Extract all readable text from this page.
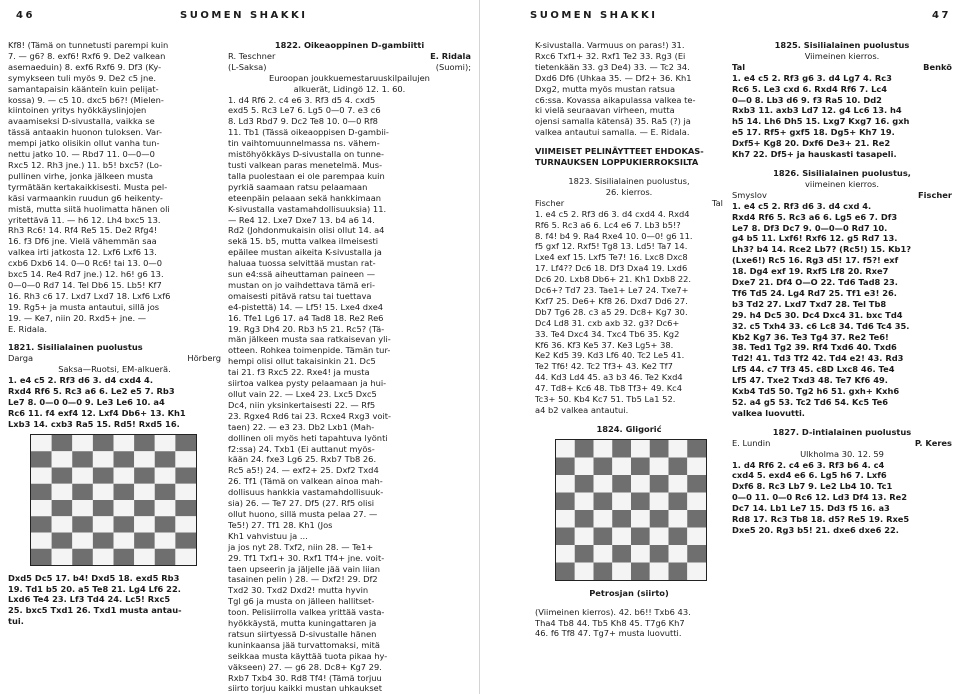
46	SUOMEN SHAKKI

Kf8! (Tämä on tunnetusti parempi kuin

7. — g6? 8. exf6! Rxf6 9. De2 valkean

asemaeduin) 8. exf6 Rxf6 9. Df3 (Ky-

symykseen tuli myös 9. De2 c5 jne.

samantapaisin käänteïn kuin peliįat-

kossa) 9. — c5 10. dxc5 b6?! (Mielen-

kiintoinen yritys hyökkäyslinjojen

avaamiseksi D-sivustalla, vaikka se

tässä antaakin huonon tuloksen. Var-

mempi jatko olisikin ollut vanha tun-

nettu jatko 10. — Rbd7 11. 0—0—0

Rxc5 12. Rh3 jne.) 11. b5! bxc5? (Lo-

pullinen virhe, jonka jälkeen musta

tyrmätään kertakaikkisesti. Musta pel-

käsi varmaankin ruudun g6 heikenty-

mistä, mutta siitä huolimatta hänen oli

yritettävä 11. — h6 12. Lh4 bxc5 13.

Rh3 Rc6! 14. Rf4 Re5 15. De2 Rfg4!

16. f3 Df6 jne. Vielä vähemmän saa

valkea irti jatkosta 12. Lxf6 Lxf6 13.

cxb6 Dxb6 14. 0—0 Rc6! tai 13. 0—0

bxc5 14. Re4 Rd7 jne.) 12. h6! g6 13.

0—0—0 Rd7 14. Tel Db6 15. Lb5! Kf7

16. Rh3 c6 17. Lxd7 Lxd7 18. Lxf6 Lxf6

19. Rg5+ ja musta antautui, sillä jos

19. — Ke7, niin 20. Rxd5+ jne. —

E. Ridala.

1821. Sisilialainen puolustus
Darga	Hörberg
Saksa—Ruotsi, EM-alkuerä.

1. e4 c5 2. Rf3 d6 3. d4 cxd4 4.

Rxd4 Rf6 5. Rc3 a6 6. Le2 e5 7. Rb3

Le7 8. 0—0 0—0 9. Le3 Le6 10. a4

Rc6 11. f4 exf4 12. Lxf4 Db6+ 13. Kh1

Lxb3 14. cxb3 Ra5 15. Rd5! Rxd5 16.

Dxd5 Dc5 17. b4! Dxd5 18. exd5 Rb3

19. Td1 b5 20. a5 Te8 21. Lg4 Lf6 22.

Lxd6 Te4 23. Lf3 Td4 24. Lc5! Rxc5

25. bxc5 Txd1 26. Txd1 musta antau-

tui.

1822. Oikeaoppinen D-gambiitti
R. Teschner	E. Ridala
(L-Saksa)	(Suomi);
Euroopan joukkuemestaruuskilpailujen
alkuerät, Lidingö 12. 1. 60.

1. d4 Rf6 2. c4 e6 3. Rf3 d5 4. cxd5

exd5 5. Rc3 Le7 6. Lg5 0—0 7. e3 c6

8. Ld3 Rbd7 9. Dc2 Te8 10. 0—0 Rf8

11. Tb1 (Tässä oikeaoppisen D-gambii-

tin vaihtomuunnelmassa ns. vähem-

mistöhyökkäys D-sivustalla on tunne-

tusti valkean paras menetelmä. Mus-

talla puolestaan ei ole parempaa kuin

pyrkiä saamaan ratsu pelaamaan

eteenpäin pelaaan sekä hankkimaan

K-sivustalla vastamahdollisuuksia) 11.

— Re4 12. Lxe7 Dxe7 13. b4 a6 14.

Rd2 (Johdonmukaisin olisi ollut 14. a4

sekä 15. b5, mutta valkea ilmeisesti

epäilee mustan aikeita K-sivustalla ja

haluaa tuossa selvittää mustan rat-

sun e4:ssä aiheuttaman paineen —

mustan on jo vaihdettava tämä eri-

omaisesti pitävä ratsu tai tuettava

e4-pistettä) 14. — Lf5! 15. Lxe4 dxe4

16. Tfe1 Lg6 17. a4 Tad8 18. Re2 Re6

19. Rg3 Dh4 20. Rb3 h5 21. Rc5? (Tä-

män jälkeen musta saa ratkaisevan yli-

otteen. Rohkea toimenpide. Tämän tur-

hempi olisi ollut takaisinkin 21. Dc5

tai 21. f3 Rxc5 22. Rxe4! ja musta

siirtoa valkea pysty pelaamaan ja hui-

ollut vain 22. — Lxe4 23. Lxc5 Dxc5

Dc4, niin yksinkertaisesti 22. — Rf5

23. Rgxe4 Rd6 tai 23. Rcxe4 Rxg3 voit-

taen) 22. — e3 23. Db2 Lxb1 (Mah-

dollinen oli myös heti tapahtuva lyönti

f2:ssa) 24. Txb1 (Ei auttanut myös-

kään 24. fxe3 Lg6 25. Rxb7 Tb8 26.

Rc5 a5!) 24. — exf2+ 25. Dxf2 Txd4

26. Tf1 (Tämä on valkean ainoa mah-

dollisuus hankkia vastamahdollisuuk-

sia) 26. — Te7 27. Df5 (27. Rf5 olisi

ollut huono, sillä musta pelaa 27. —

Te5!) 27. Tf1 28. Kh1 (Jos

Kh1 vahvistuu ja ...

ja jos nyt 28. Txf2, niin 28. — Te1+

29. Tf1 Txf1+ 30. Rxf1 Tf4+ jne. voit-

taen upseerin ja jäljelle jää vain liian

tasainen pelin ) 28. — Dxf2! 29. Df2

Txd2 30. Txd2 Dxd2! mutta hyvin

Tgl g6 ja musta on jälleen hallitset-

toon. Pelisiirrolla valkea yrittää vasta-

hyökkäystä, mutta kuningattaren ja

ratsun siirtyessä D-sivustalle hänen

kuninkaansa jää turvattomaksi, mitä

seikkaa musta käyttää tuota pikaa hy-

väkseen) 27. — g6 28. Dc8+ Kg7 29.

Rxb7 Txb4 30. Rd8 Tf4! (Tämä torjuu

siirto torjuu kaikki mustan uhkaukset

SUOMEN SHAKKI	47

K-sivustalla. Varmuus on paras!) 31.

Rxc6 Txf1+ 32. Rxf1 Te2 33. Rg3 (Ei

tietenkään 33. g3 De4) 33. — Tc2 34.

Dxd6 Df6 (Uhkaa 35. — Df2+ 36. Kh1

Dxg2, mutta myös mustan ratsua

c6:ssa. Kovassa aikapulassa valkea te-

ki vielä seuraavan virheen, mutta

ojensi samalla kätensä) 35. Ra5 (?) ja

valkea antautui samalla. — E. Ridala.

VIIMEISET PELINÄYTTEET EHDOKAS-
TURNAUKSEN LOPPUKIERROKSILTA
1823. Sisilialainen puolustus,
26. kierros.
Fischer	Tal

1. e4 c5 2. Rf3 d6 3. d4 cxd4 4. Rxd4

Rf6 5. Rc3 a6 6. Lc4 e6 7. Lb3 b5!?

8. f4! b4 9. Ra4 Rxe4 10. 0—0! g6 11.

f5 gxf 12. Rxf5! Tg8 13. Ld5! Ta7 14.

Lxe4 exf 15. Lxf5 Te7! 16. Lxc8 Dxc8

17. Lf4?? Dc6 18. Df3 Dxa4 19. Lxd6

Dc6 20. Lxb8 Db6+ 21. Kh1 Dxb8 22.

Dc6+? Td7 23. Tae1+ Le7 24. Txe7+

Kxf7 25. De6+ Kf8 26. Dxd7 Dd6 27.

Db7 Tg6 28. c3 a5 29. Dc8+ Kg7 30.

Dc4 Ld8 31. cxb axb 32. g3? Dc6+

33. Te4 Dxc4 34. Txc4 Tb6 35. Kg2

Kf6 36. Kf3 Ke5 37. Ke3 Lg5+ 38.

Ke2 Kd5 39. Kd3 Lf6 40. Tc2 Le5 41.

Te2 Tf6! 42. Tc2 Tf3+ 43. Ke2 Tf7

44. Kd3 Ld4 45. a3 b3 46. Te2 Kxd4

47. Td8+ Kc6 48. Tb8 Tf3+ 49. Kc4

Tc3+ 50. Kb4 Kc7 51. Tb5 La1 52.

a4 b2 valkea antautui.

1824. Gligorić
Petrosjan (siirto)

(Viimeinen kierros). 42. b6!! Txb6 43.

Tha4 Tb8 44. Tb5 Kh8 45. T7g6 Kh7

46. f6 Tf8 47. Tg7+ musta luovutti.

1825. Sisilialainen puolustus
Viimeinen kierros.
Tal	Benkö

1. e4 c5 2. Rf3 g6 3. d4 Lg7 4. Rc3

Rc6 5. Le3 cxd 6. Rxd4 Rf6 7. Lc4

0—0 8. Lb3 d6 9. f3 Ra5 10. Dd2

Rxb3 11. axb3 Ld7 12. g4 Lc6 13. h4

h5 14. Lh6 Dh5 15. Lxg7 Kxg7 16. gxh

e5 17. Rf5+ gxf5 18. Dg5+ Kh7 19.

Dxf5+ Kg8 20. Dxf6 De3+ 21. Re2

Kh7 22. Df5+ ja hauskasti tasapeli.

1826. Sisilialainen puolustus,
viimeinen kierros.
Smyslov	Fischer

1. e4 c5 2. Rf3 d6 3. d4 cxd 4.

Rxd4 Rf6 5. Rc3 a6 6. Lg5 e6 7. Df3

Le7 8. Df3 Dc7 9. 0—0—0 Rd7 10.

g4 b5 11. Lxf6! Rxf6 12. g5 Rd7 13.

Lh3? b4 14. Rce2 Lb7? (Rc5!) 15. Kb1?

(Lxe6!) Rc5 16. Rg3 d5! 17. f5?! exf

18. Dg4 exf 19. Rxf5 Lf8 20. Rxe7

Dxe7 21. Df4 O—O 22. Td6 Tad8 23.

Tf6 Td5 24. Lg4 Rd7 25. Tf1 e3! 26.

b3 Td2 27. Lxd7 Txd7 28. Tel Tb8

29. h4 Dc5 30. Dc4 Dxc4 31. bxc Td4

32. c5 Txh4 33. c6 Lc8 34. Td6 Tc4 35.

Kb2 Kg7 36. Te3 Tg4 37. Re2 Te6!

38. Ted1 Tg2 39. Rf4 Txd6 40. Txd6

Td2! 41. Td3 Tf2 42. Td4 e2! 43. Rd3

Lf5 44. c7 Tf3 45. c8D Lxc8 46. Te4

Lf5 47. Txe2 Txd3 48. Te7 Kf6 49.

Kxb4 Td5 50. Tg2 h6 51. gxh+ Kxh6

52. a4 g5 53. Tc2 Td6 54. Kc5 Te6

valkea luovutti.

1827. D-intialainen puolustus
E. Lundin	P. Keres
Ulkholma 30. 12. 59

1. d4 Rf6 2. c4 e6 3. Rf3 b6 4. c4

cxd4 5. exd4 e6 6. Lg5 h6 7. Lxf6

Dxf6 8. Rc3 Lb7 9. Le2 Lb4 10. Tc1

0—0 11. 0—0 Rc6 12. Ld3 Df4 13. Re2

Dc7 14. Lb1 Le7 15. Dd3 f5 16. a3

Rd8 17. Rc3 Tb8 18. d5? Re5 19. Rxe5

Dxe5 20. Rg3 b5! 21. dxe6 dxe6 22.
